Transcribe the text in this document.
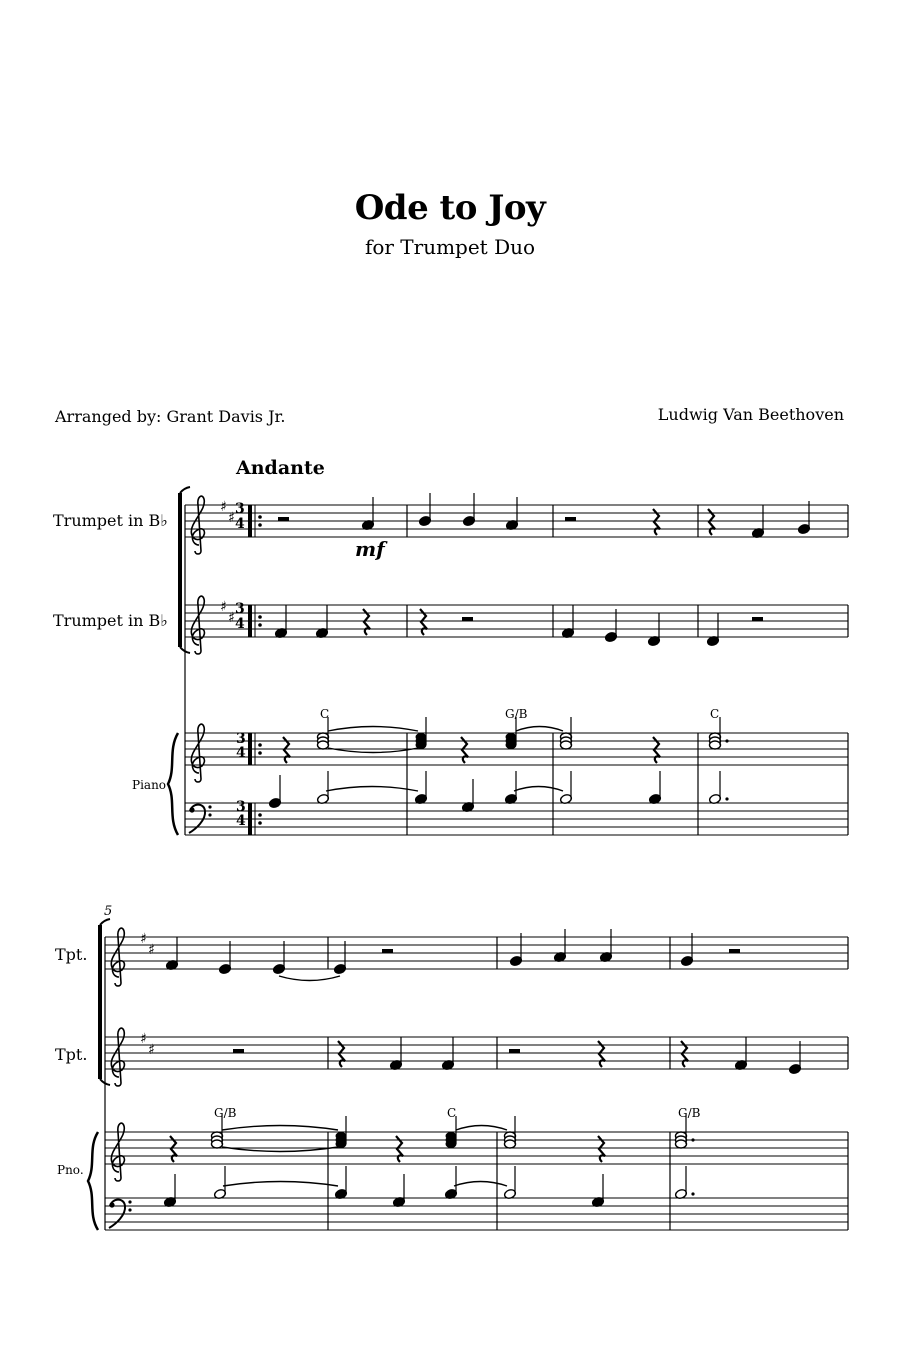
Ode to Joy
for Trumpet Duo
Arranged by: Grant Davis Jr.	Ludwig Van Beethoven
Andante
♯
♯
♯
♯
♯
♯
♯
♯
Trumpet in B♭
Trumpet in B♭
Piano
3
4
3
4
3
4
3
4
mf
C	G/B	C
Tpt.
Tpt.
Pno.
5
G/B	C	G/B
